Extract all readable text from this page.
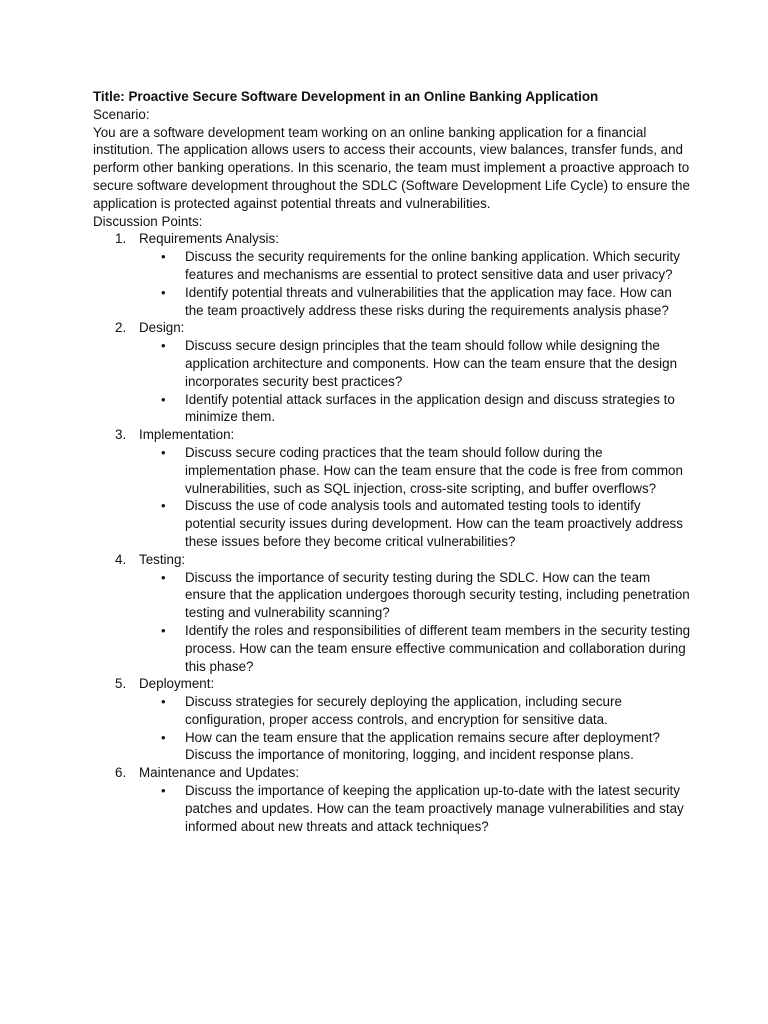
Title: Proactive Secure Software Development in an Online Banking Application

Scenario:

You are a software development team working on an online banking application for a financial institution. The application allows users to access their accounts, view balances, transfer funds, and perform other banking operations. In this scenario, the team must implement a proactive approach to secure software development throughout the SDLC (Software Development Life Cycle) to ensure the application is protected against potential threats and vulnerabilities.

Discussion Points:

1. Requirements Analysis:

• Discuss the security requirements for the online banking application. Which security features and mechanisms are essential to protect sensitive data and user privacy?
• Identify potential threats and vulnerabilities that the application may face. How can the team proactively address these risks during the requirements analysis phase?

2. Design:

• Discuss secure design principles that the team should follow while designing the application architecture and components. How can the team ensure that the design incorporates security best practices?
• Identify potential attack surfaces in the application design and discuss strategies to minimize them.

3. Implementation:

• Discuss secure coding practices that the team should follow during the implementation phase. How can the team ensure that the code is free from common vulnerabilities, such as SQL injection, cross-site scripting, and buffer overflows?
• Discuss the use of code analysis tools and automated testing tools to identify potential security issues during development. How can the team proactively address these issues before they become critical vulnerabilities?

4. Testing:

• Discuss the importance of security testing during the SDLC. How can the team ensure that the application undergoes thorough security testing, including penetration testing and vulnerability scanning?
• Identify the roles and responsibilities of different team members in the security testing process. How can the team ensure effective communication and collaboration during this phase?

5. Deployment:

• Discuss strategies for securely deploying the application, including secure configuration, proper access controls, and encryption for sensitive data.
• How can the team ensure that the application remains secure after deployment? Discuss the importance of monitoring, logging, and incident response plans.

6. Maintenance and Updates:

• Discuss the importance of keeping the application up-to-date with the latest security patches and updates. How can the team proactively manage vulnerabilities and stay informed about new threats and attack techniques?
